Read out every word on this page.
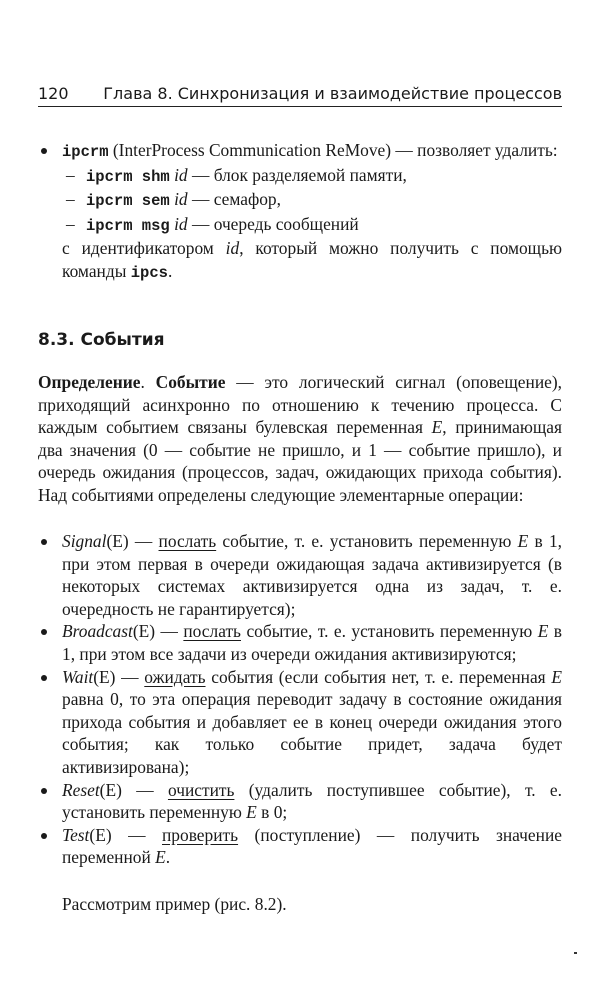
120 Глава 8. Синхронизация и взаимодействие процессов
ipcrm (InterProcess Communication ReMove) — позволяет удалить:
– ipcrm shm id — блок разделяемой памяти,
– ipcrm sem id — семафор,
– ipcrm msg id — очередь сообщений
с идентификатором id, который можно получить с помощью команды ipcs.
8.3. События

Определение. Событие — это логический сигнал (оповещение), приходящий асинхронно по отношению к течению процесса. С каждым событием связаны булевская переменная E, принимающая два значения (0 — событие не пришло, и 1 — событие пришло), и очередь ожидания (процессов, задач, ожидающих прихода события). Над событиями определены следующие элементарные операции:

Signal(E) — послать событие, т. е. установить переменную E в 1, при этом первая в очереди ожидающая задача активизируется (в некоторых системах активизируется одна из задач, т. е. очередность не гарантируется);
Broadcast(E) — послать событие, т. е. установить переменную E в 1, при этом все задачи из очереди ожидания активизируются;
Wait(E) — ожидать события (если события нет, т. е. переменная E равна 0, то эта операция переводит задачу в состояние ожидания прихода события и добавляет ее в конец очереди ожидания этого события; как только событие придет, задача будет активизирована);
Reset(E) — очистить (удалить поступившее событие), т. е. установить переменную E в 0;
Test(E) — проверить (поступление) — получить значение переменной E.

Рассмотрим пример (рис. 8.2).
